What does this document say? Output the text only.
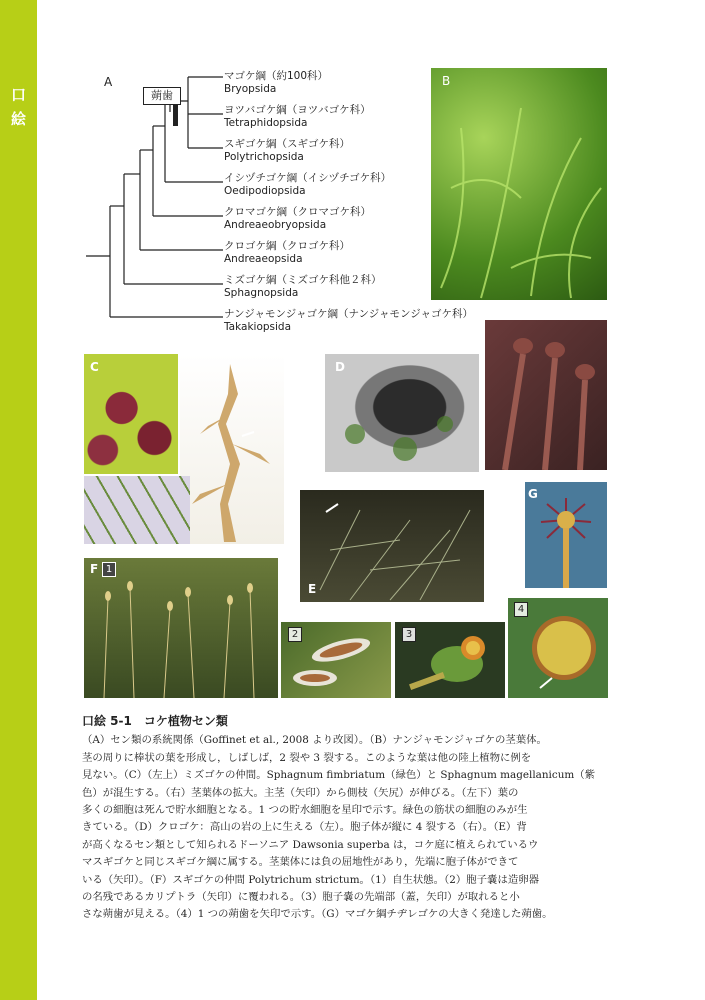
口
絵
A
蒴歯
マゴケ綱（約100科）
Bryopsida
ヨツバゴケ綱（ヨツバゴケ科）
Tetraphidopsida
スギゴケ綱（スギゴケ科）
Polytrichopsida
イシヅチゴケ綱（イシヅチゴケ科）
Oedipodiopsida
クロマゴケ綱（クロマゴケ科）
Andreaeobryopsida
クロゴケ綱（クロゴケ科）
Andreaeopsida
ミズゴケ綱（ミズゴケ科他２科）
Sphagnopsida
ナンジャモンジャゴケ綱（ナンジャモンジャゴケ科）
Takakiopsida
B
C	D
E
G
F 1
2	3
4
口絵 5-1　コケ植物セン類
（A）セン類の系統関係（Goffinet et al., 2008 より改図）。（B）ナンジャモンジャゴケの茎葉体。
茎の周りに棒状の葉を形成し，しばしば，2 裂や 3 裂する。このような葉は他の陸上植物に例を
見ない。（C）（左上）ミズゴケの仲間。Sphagnum fimbriatum（緑色）と Sphagnum magellanicum（紫
色）が混生する。（右）茎葉体の拡大。主茎（矢印）から側枝（矢尻）が伸びる。（左下）葉の
多くの細胞は死んで貯水細胞となる。1 つの貯水細胞を星印で示す。緑色の筋状の細胞のみが生
きている。（D）クロゴケ：高山の岩の上に生える（左）。胞子体が縦に 4 裂する（右）。（E）背
が高くなるセン類として知られるドーソニア Dawsonia superba は，コケ庭に植えられているウ
マスギゴケと同じスギゴケ綱に属する。茎葉体には負の屈地性があり，先端に胞子体ができて
いる（矢印）。（F）スギゴケの仲間 Polytrichum strictum。（1）自生状態。（2）胞子嚢は造卵器
の名残であるカリプトラ（矢印）に覆われる。（3）胞子嚢の先端部（蓋，矢印）が取れると小
さな蒴歯が見える。（4）1 つの蒴歯を矢印で示す。（G）マゴケ綱チヂレゴケの大きく発達した蒴歯。
